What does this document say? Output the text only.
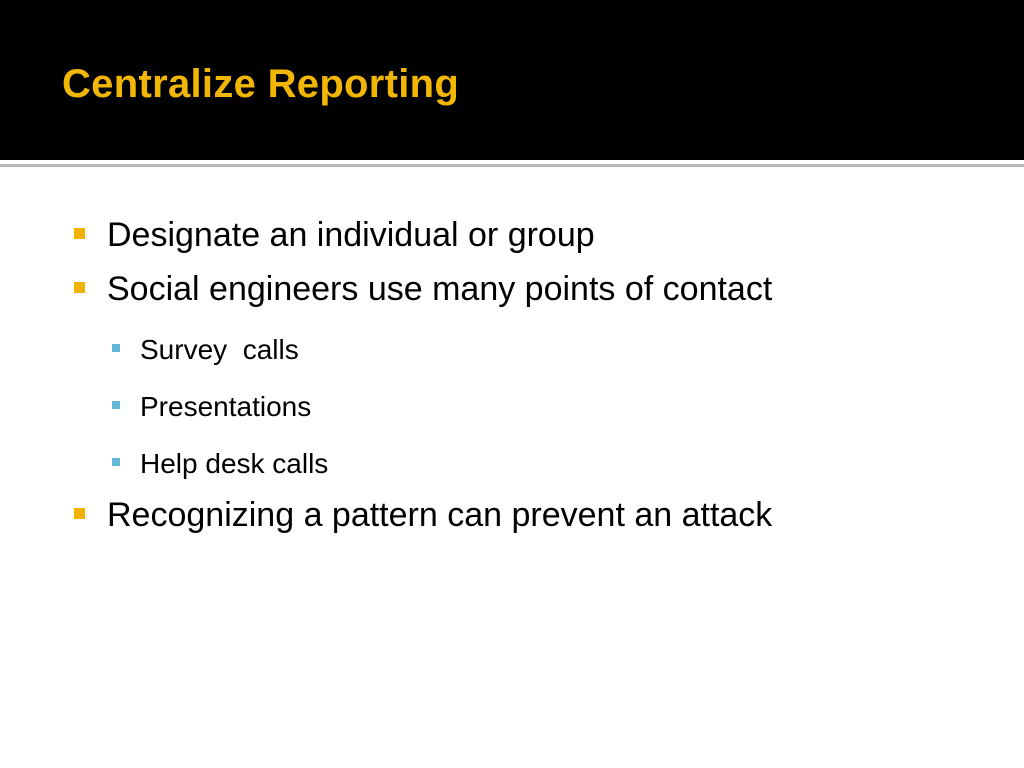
Centralize Reporting
Designate an individual or group
Social engineers use many points of contact
Survey  calls
Presentations
Help desk calls
Recognizing a pattern can prevent an attack
